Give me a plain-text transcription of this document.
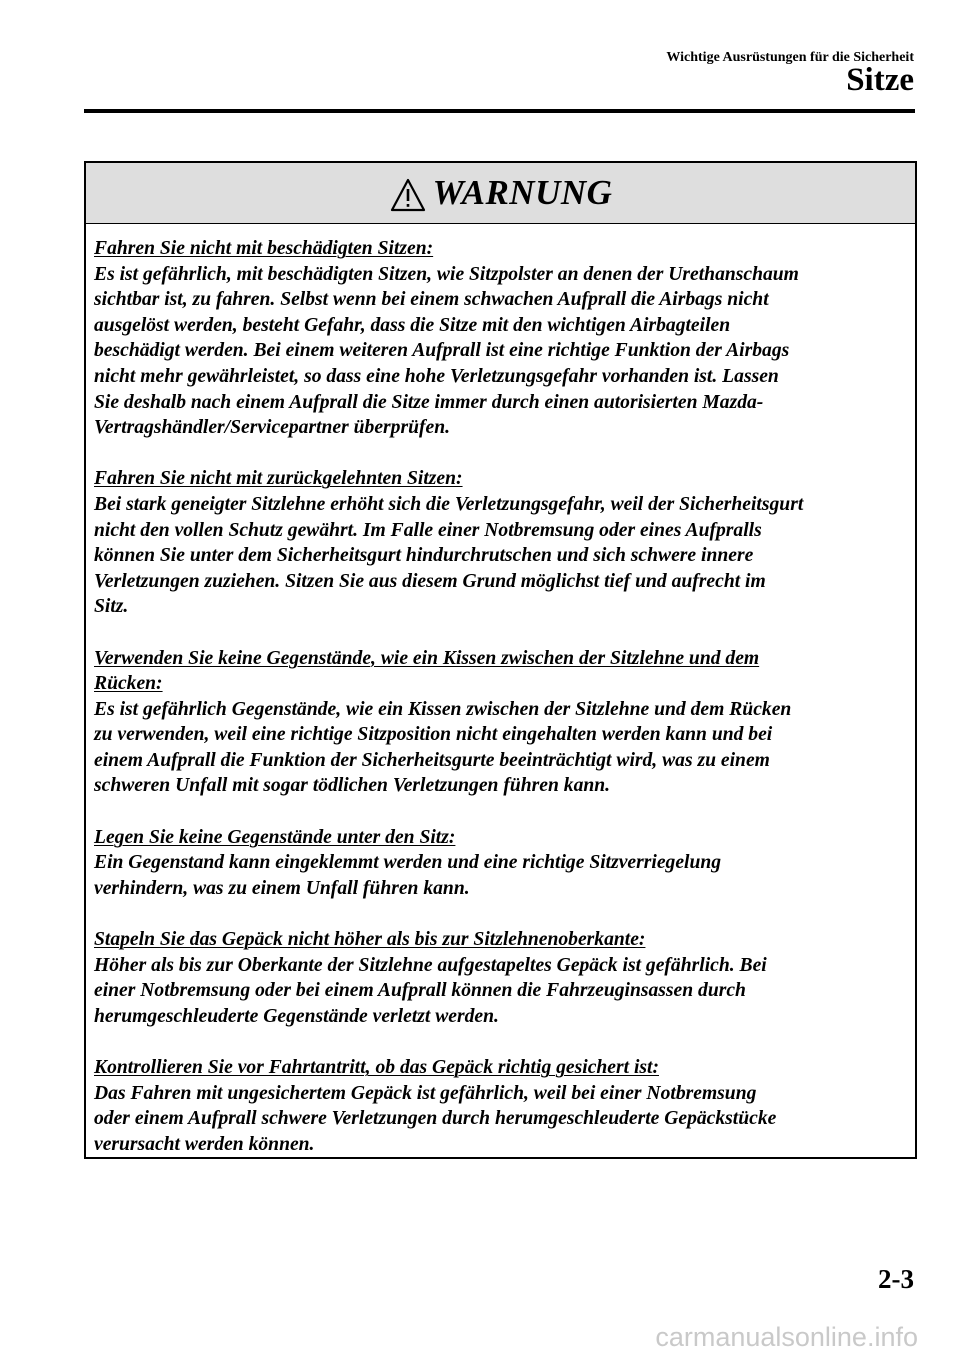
Wichtige Ausrüstungen für die Sicherheit
Sitze
WARNUNG
Fahren Sie nicht mit beschädigten Sitzen:
Es ist gefährlich, mit beschädigten Sitzen, wie Sitzpolster an denen der Urethanschaum
sichtbar ist, zu fahren. Selbst wenn bei einem schwachen Aufprall die Airbags nicht
ausgelöst werden, besteht Gefahr, dass die Sitze mit den wichtigen Airbagteilen
beschädigt werden. Bei einem weiteren Aufprall ist eine richtige Funktion der Airbags
nicht mehr gewährleistet, so dass eine hohe Verletzungsgefahr vorhanden ist. Lassen
Sie deshalb nach einem Aufprall die Sitze immer durch einen autorisierten Mazda-
Vertragshändler/Servicepartner überprüfen.
Fahren Sie nicht mit zurückgelehnten Sitzen:
Bei stark geneigter Sitzlehne erhöht sich die Verletzungsgefahr, weil der Sicherheitsgurt
nicht den vollen Schutz gewährt. Im Falle einer Notbremsung oder eines Aufpralls
können Sie unter dem Sicherheitsgurt hindurchrutschen und sich schwere innere
Verletzungen zuziehen. Sitzen Sie aus diesem Grund möglichst tief und aufrecht im
Sitz.
Verwenden Sie keine Gegenstände, wie ein Kissen zwischen der Sitzlehne und dem
Rücken:
Es ist gefährlich Gegenstände, wie ein Kissen zwischen der Sitzlehne und dem Rücken
zu verwenden, weil eine richtige Sitzposition nicht eingehalten werden kann und bei
einem Aufprall die Funktion der Sicherheitsgurte beeinträchtigt wird, was zu einem
schweren Unfall mit sogar tödlichen Verletzungen führen kann.
Legen Sie keine Gegenstände unter den Sitz:
Ein Gegenstand kann eingeklemmt werden und eine richtige Sitzverriegelung
verhindern, was zu einem Unfall führen kann.
Stapeln Sie das Gepäck nicht höher als bis zur Sitzlehnenoberkante:
Höher als bis zur Oberkante der Sitzlehne aufgestapeltes Gepäck ist gefährlich. Bei
einer Notbremsung oder bei einem Aufprall können die Fahrzeuginsassen durch
herumgeschleuderte Gegenstände verletzt werden.
Kontrollieren Sie vor Fahrtantritt, ob das Gepäck richtig gesichert ist:
Das Fahren mit ungesichertem Gepäck ist gefährlich, weil bei einer Notbremsung
oder einem Aufprall schwere Verletzungen durch herumgeschleuderte Gepäckstücke
verursacht werden können.
2-3
carmanualsonline.info
